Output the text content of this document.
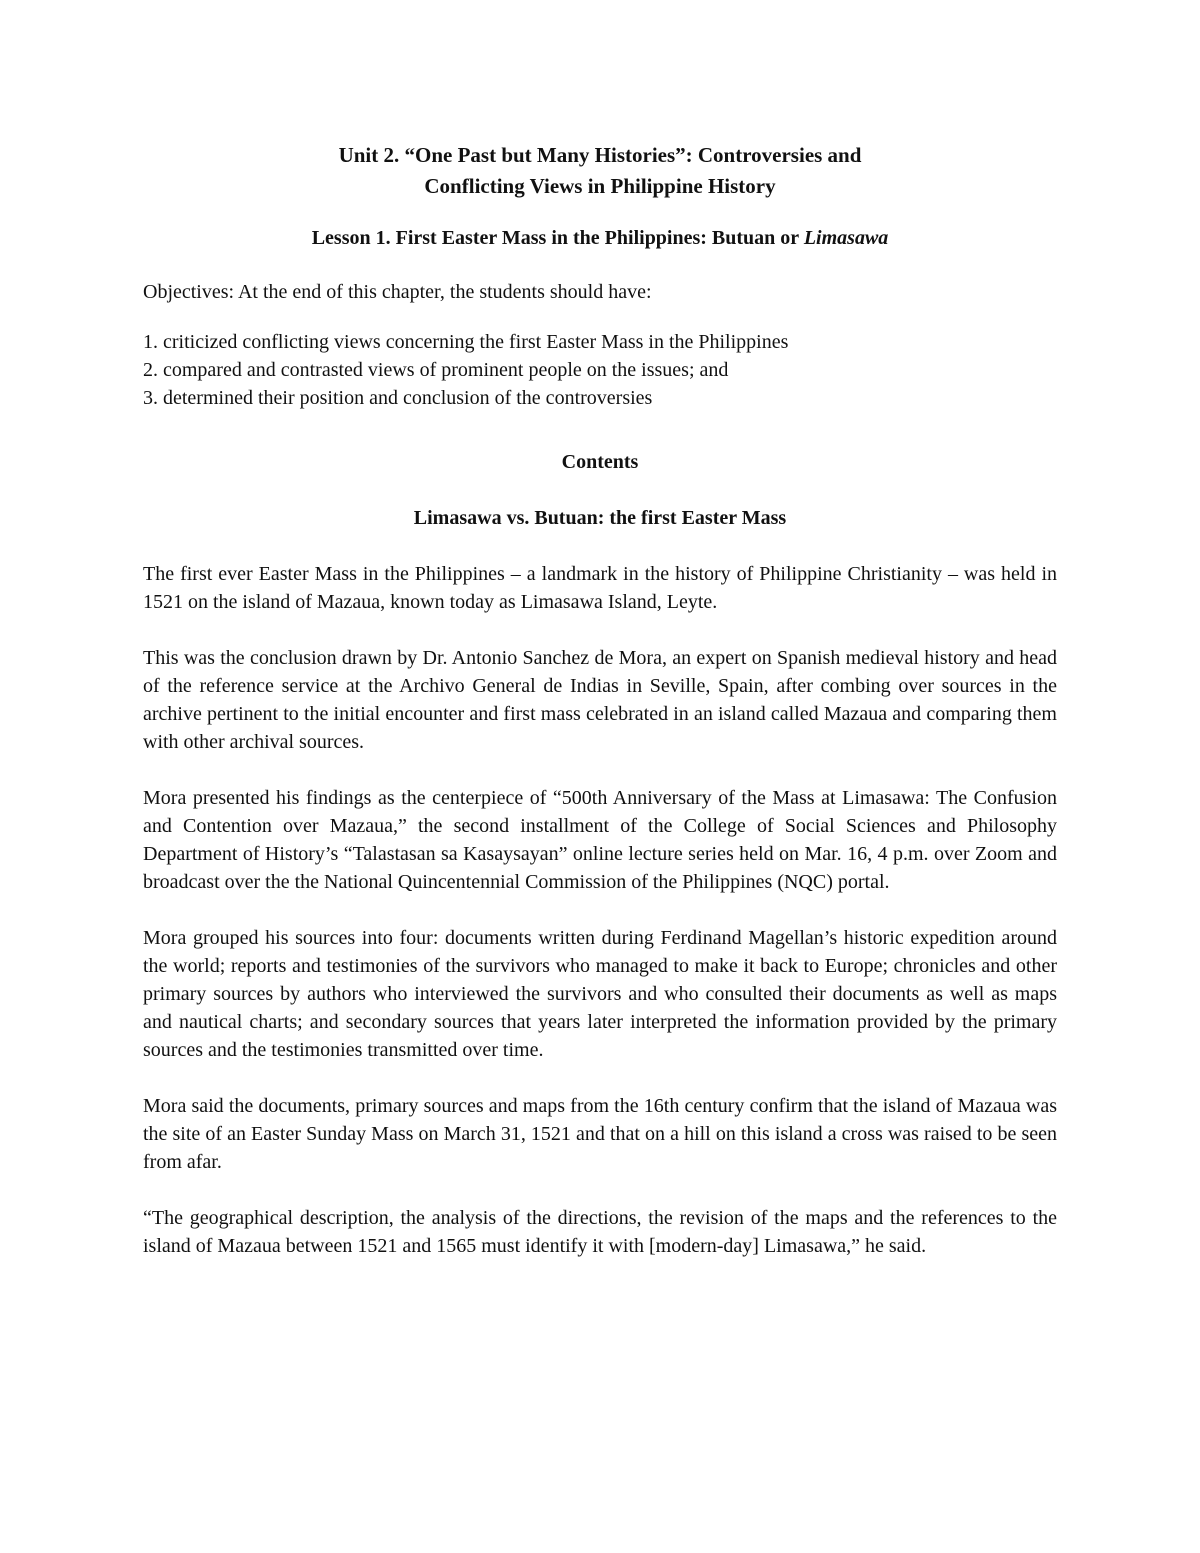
Unit 2. “One Past but Many Histories”: Controversies and
Conflicting Views in Philippine History
Lesson 1. First Easter Mass in the Philippines: Butuan or Limasawa
Objectives: At the end of this chapter, the students should have:
1. criticized conflicting views concerning the first Easter Mass in the Philippines
2. compared and contrasted views of prominent people on the issues; and
3. determined their position and conclusion of the controversies
Contents
Limasawa vs. Butuan: the first Easter Mass

The first ever Easter Mass in the Philippines – a landmark in the history of Philippine Christianity – was held in 1521 on the island of Mazaua, known today as Limasawa Island, Leyte.

This was the conclusion drawn by Dr. Antonio Sanchez de Mora, an expert on Spanish medieval history and head of the reference service at the Archivo General de Indias in Seville, Spain, after combing over sources in the archive pertinent to the initial encounter and first mass celebrated in an island called Mazaua and comparing them with other archival sources.

Mora presented his findings as the centerpiece of “500th Anniversary of the Mass at Limasawa: The Confusion and Contention over Mazaua,” the second installment of the College of Social Sciences and Philosophy Department of History’s “Talastasan sa Kasaysayan” online lecture series held on Mar. 16, 4 p.m. over Zoom and broadcast over the the National Quincentennial Commission of the Philippines (NQC) portal.

Mora grouped his sources into four: documents written during Ferdinand Magellan’s historic expedition around the world; reports and testimonies of the survivors who managed to make it back to Europe; chronicles and other primary sources by authors who interviewed the survivors and who consulted their documents as well as maps and nautical charts; and secondary sources that years later interpreted the information provided by the primary sources and the testimonies transmitted over time.

Mora said the documents, primary sources and maps from the 16th century confirm that the island of Mazaua was the site of an Easter Sunday Mass on March 31, 1521 and that on a hill on this island a cross was raised to be seen from afar.

“The geographical description, the analysis of the directions, the revision of the maps and the references to the island of Mazaua between 1521 and 1565 must identify it with [modern-day] Limasawa,” he said.
